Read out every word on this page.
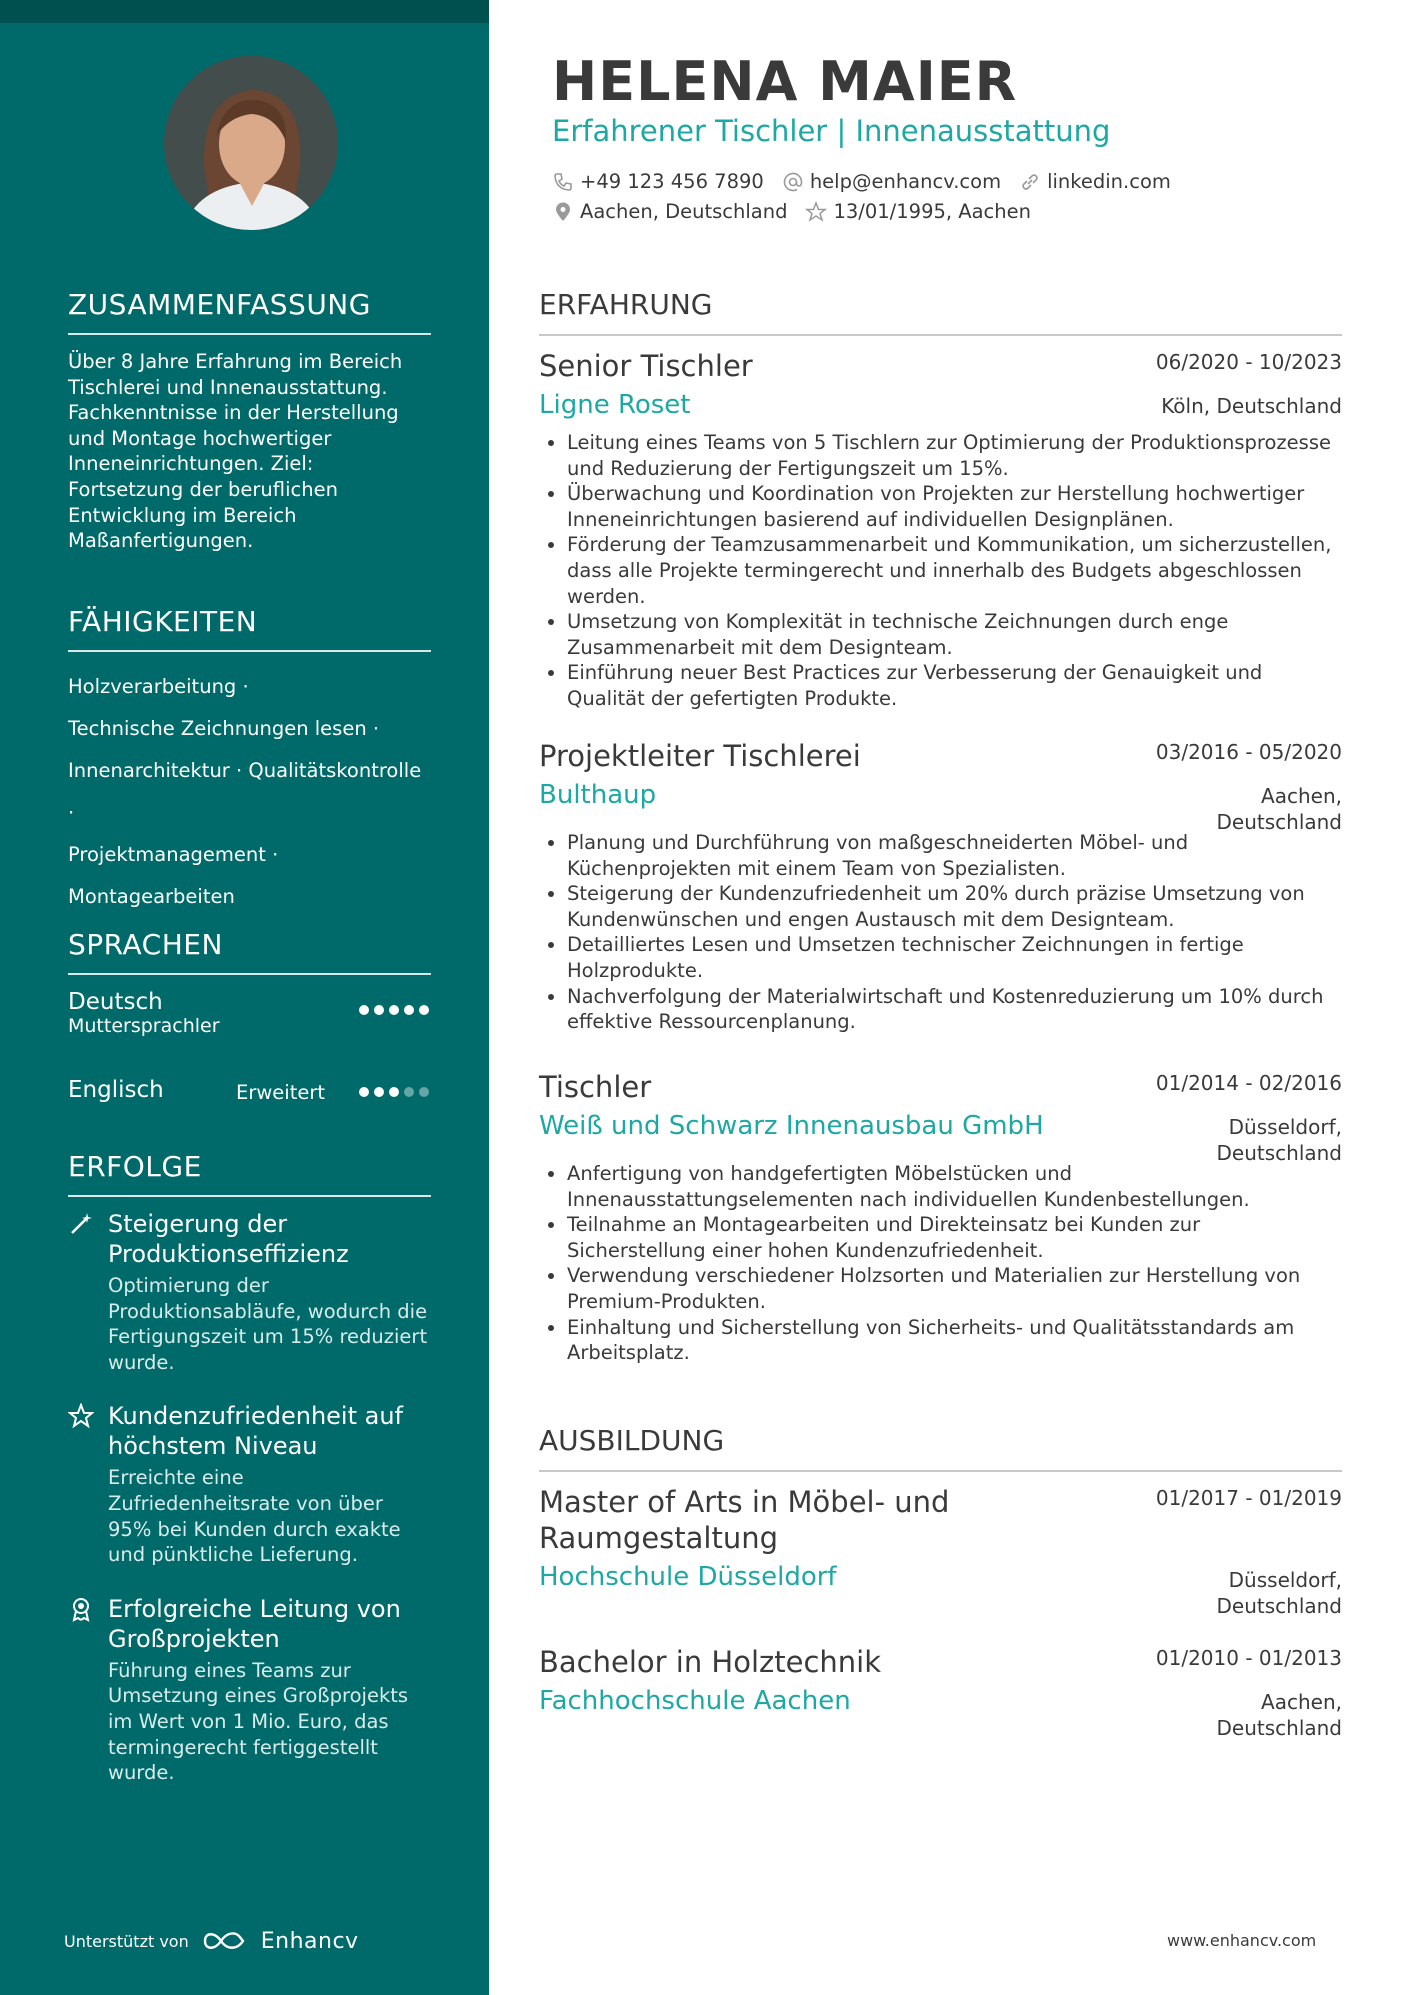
ZUSAMMENFASSUNG
Über 8 Jahre Erfahrung im Bereich Tischlerei und Innenausstattung. Fachkenntnisse in der Herstellung und Montage hochwertiger Inneneinrichtungen. Ziel: Fortsetzung der beruflichen Entwicklung im Bereich Maßanfertigungen.
FÄHIGKEITEN
Holzverarbeitung ·
Technische Zeichnungen lesen ·
Innenarchitektur · Qualitätskontrolle ·
Projektmanagement ·
Montagearbeiten
SPRACHEN
Deutsch
Muttersprachler
Englisch	Erweitert
ERFOLGE
Steigerung der Produktionseffizienz
Optimierung der Produktionsabläufe, wodurch die Fertigungszeit um 15% reduziert wurde.
Kundenzufriedenheit auf höchstem Niveau
Erreichte eine Zufriedenheitsrate von über 95% bei Kunden durch exakte und pünktliche Lieferung.
Erfolgreiche Leitung von Großprojekten
Führung eines Teams zur Umsetzung eines Großprojekts im Wert von 1 Mio. Euro, das termingerecht fertiggestellt wurde.
Unterstützt von	Enhancv
HELENA MAIER
Erfahrener Tischler | Innenausstattung
+49 123 456 7890 help@enhancv.com linkedin.com
Aachen, Deutschland 13/01/1995, Aachen
ERFAHRUNG
Senior Tischler	06/2020 - 10/2023
Ligne Roset	Köln, Deutschland
• Leitung eines Teams von 5 Tischlern zur Optimierung der Produktionsprozesse und Reduzierung der Fertigungszeit um 15%.
• Überwachung und Koordination von Projekten zur Herstellung hochwertiger Inneneinrichtungen basierend auf individuellen Designplänen.
• Förderung der Teamzusammenarbeit und Kommunikation, um sicherzustellen, dass alle Projekte termingerecht und innerhalb des Budgets abgeschlossen werden.
• Umsetzung von Komplexität in technische Zeichnungen durch enge Zusammenarbeit mit dem Designteam.
• Einführung neuer Best Practices zur Verbesserung der Genauigkeit und Qualität der gefertigten Produkte.
Projektleiter Tischlerei	03/2016 - 05/2020
Bulthaup	Aachen, Deutschland
• Planung und Durchführung von maßgeschneiderten Möbel- und Küchenprojekten mit einem Team von Spezialisten.
• Steigerung der Kundenzufriedenheit um 20% durch präzise Umsetzung von Kundenwünschen und engen Austausch mit dem Designteam.
• Detailliertes Lesen und Umsetzen technischer Zeichnungen in fertige Holzprodukte.
• Nachverfolgung der Materialwirtschaft und Kostenreduzierung um 10% durch effektive Ressourcenplanung.
Tischler	01/2014 - 02/2016
Weiß und Schwarz Innenausbau GmbH	Düsseldorf, Deutschland
• Anfertigung von handgefertigten Möbelstücken und Innenausstattungselementen nach individuellen Kundenbestellungen.
• Teilnahme an Montagearbeiten und Direkteinsatz bei Kunden zur Sicherstellung einer hohen Kundenzufriedenheit.
• Verwendung verschiedener Holzsorten und Materialien zur Herstellung von Premium-Produkten.
• Einhaltung und Sicherstellung von Sicherheits- und Qualitätsstandards am Arbeitsplatz.
AUSBILDUNG
Master of Arts in Möbel- und Raumgestaltung
01/2017 - 01/2019
Hochschule Düsseldorf	Düsseldorf, Deutschland
Bachelor in Holztechnik	01/2010 - 01/2013
Fachhochschule Aachen	Aachen, Deutschland
www.enhancv.com
